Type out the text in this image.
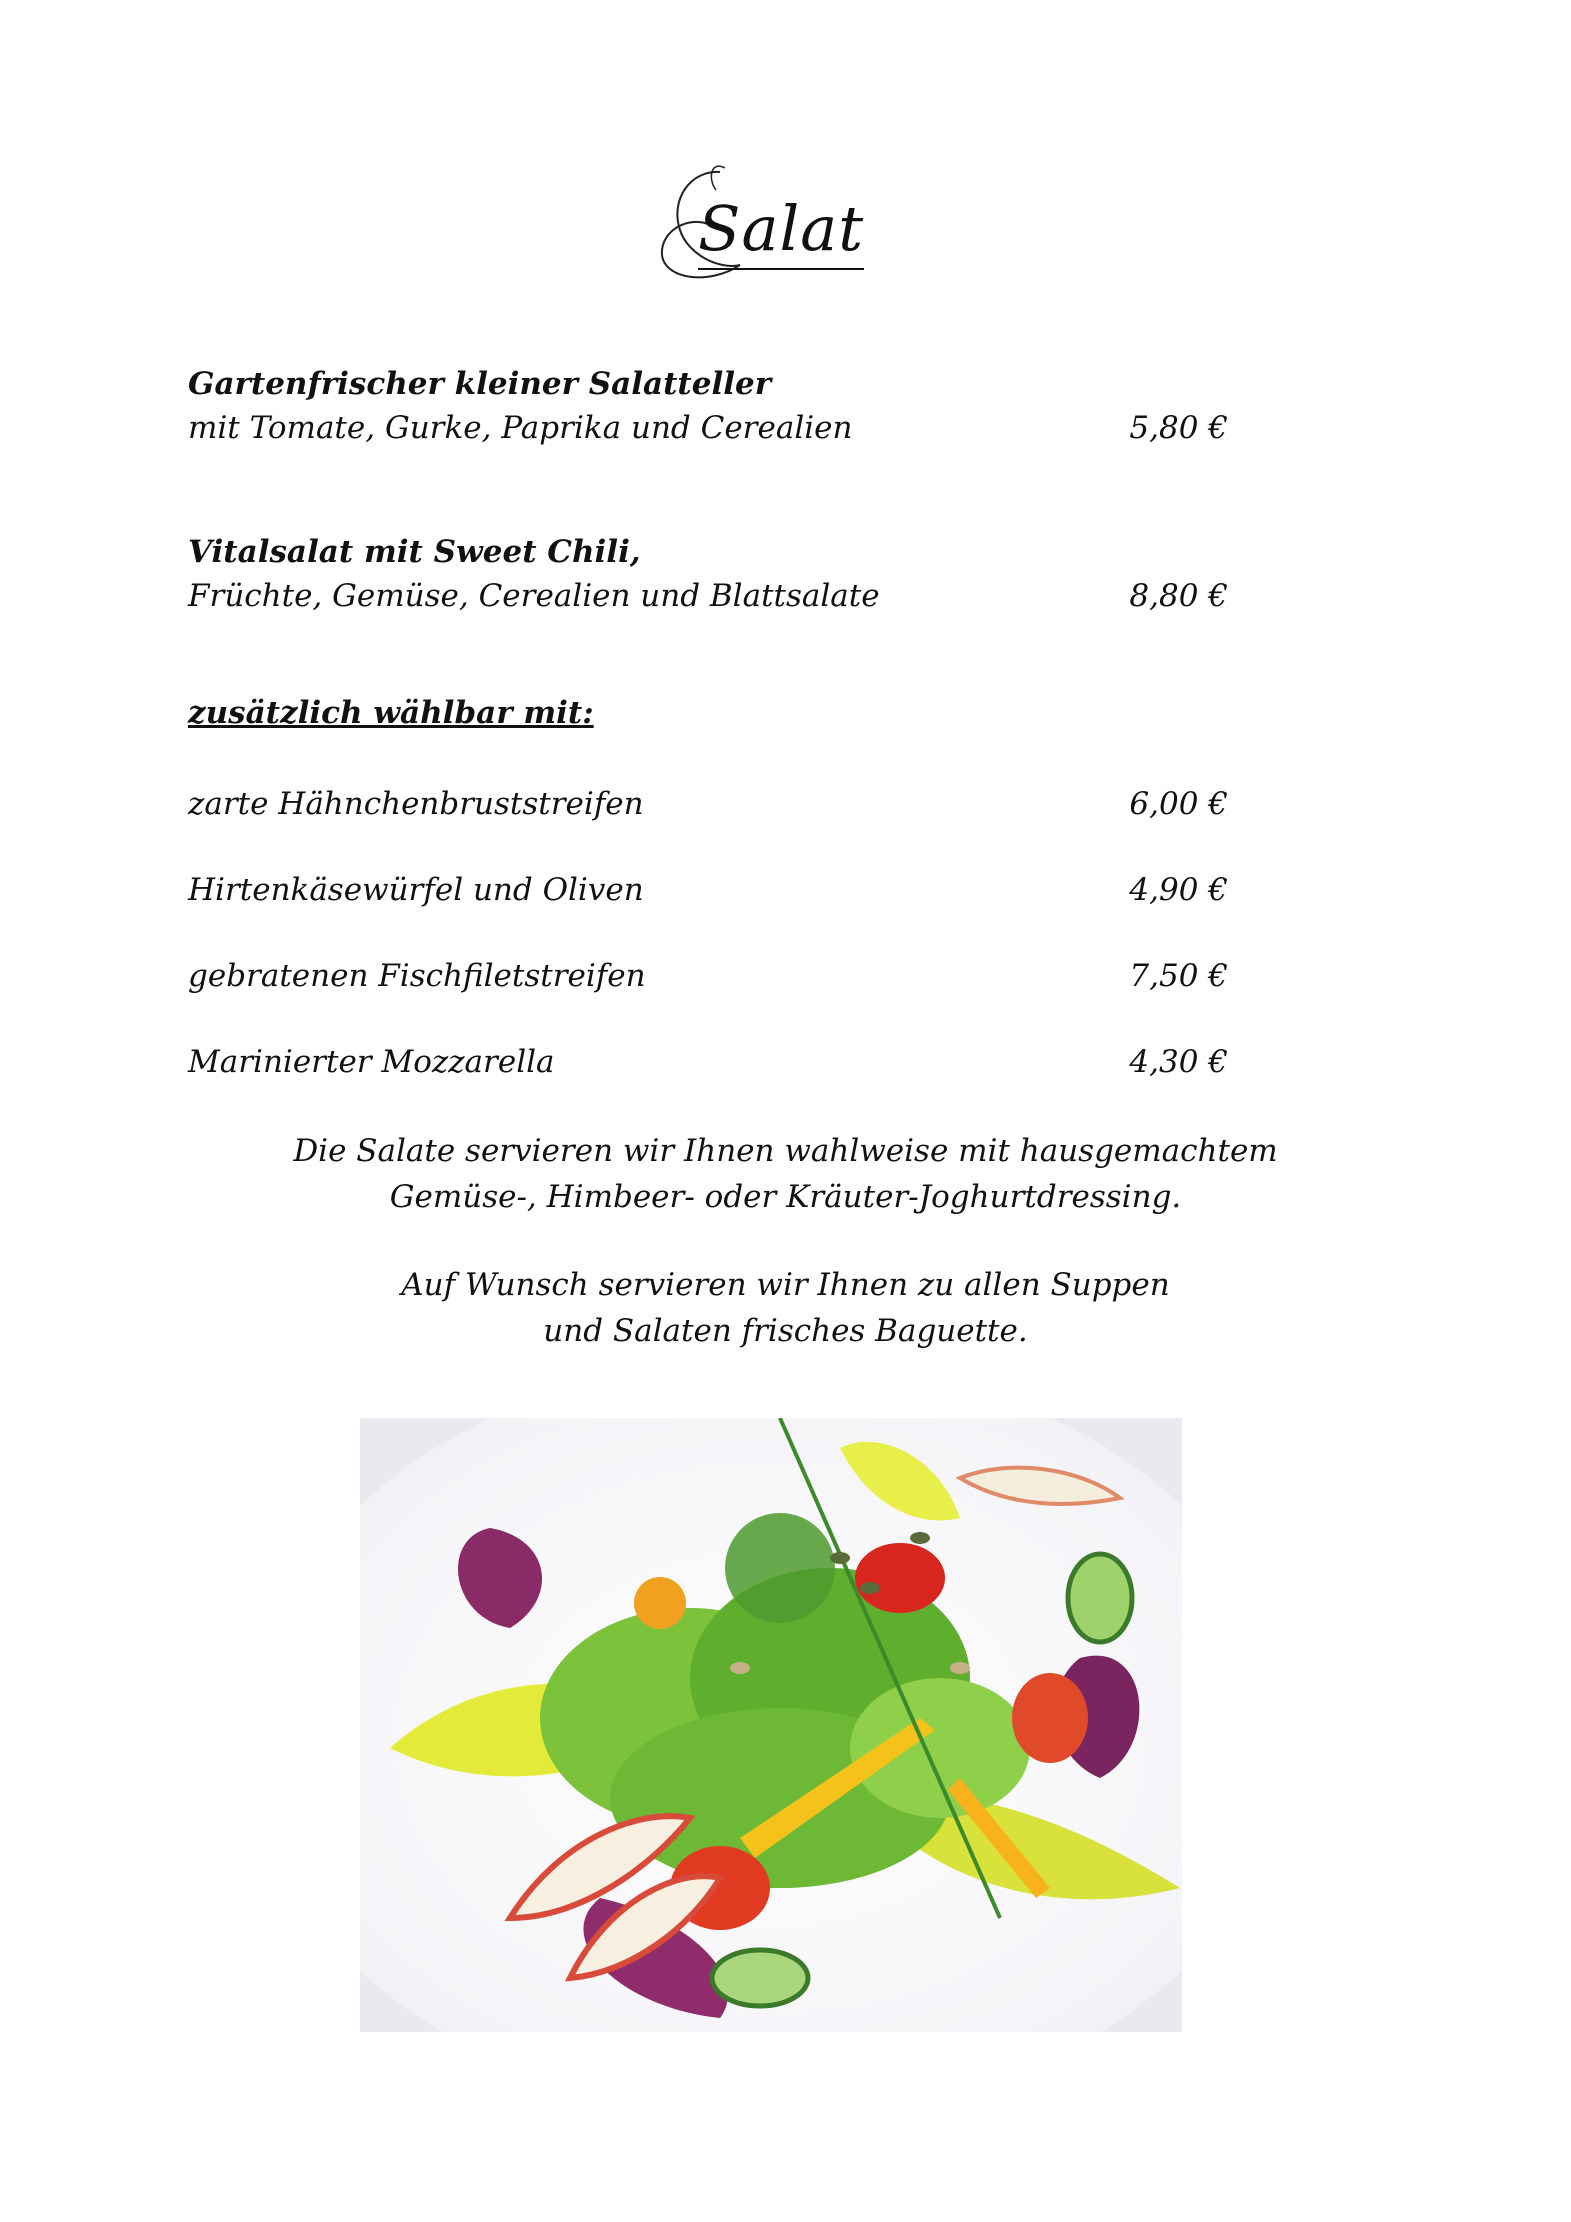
Salat
Gartenfrischer kleiner Salatteller
mit Tomate, Gurke, Paprika und Cerealien	5,80 €
Vitalsalat mit Sweet Chili,
Früchte, Gemüse, Cerealien und Blattsalate	8,80 €
zusätzlich wählbar mit:
zarte Hähnchenbruststreifen	6,00 €
Hirtenkäsewürfel und Oliven	4,90 €
gebratenen Fischfiletstreifen	7,50 €
Marinierter Mozzarella	4,30 €
Die Salate servieren wir Ihnen wahlweise mit hausgemachtem
Gemüse-, Himbeer- oder Kräuter-Joghurtdressing.
Auf Wunsch servieren wir Ihnen zu allen Suppen
und Salaten frisches Baguette.
